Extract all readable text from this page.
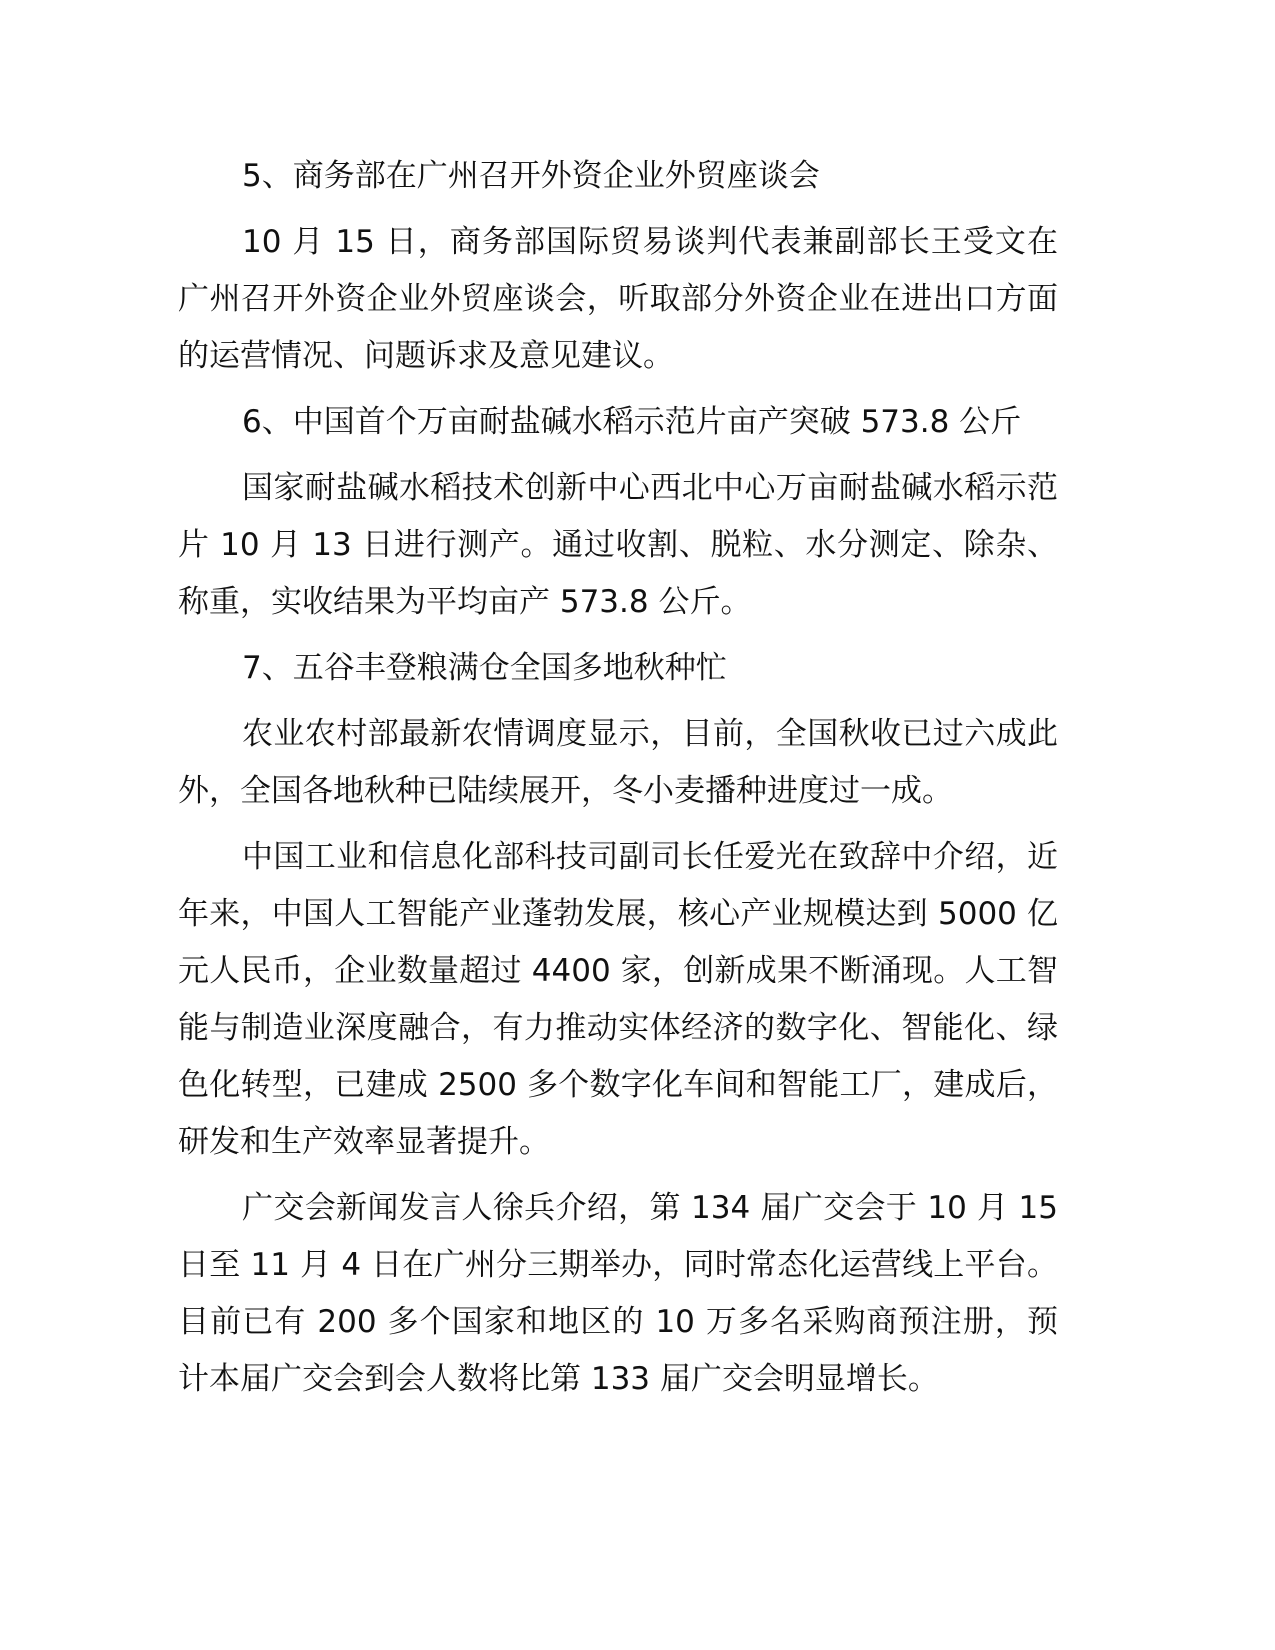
5、商务部在广州召开外资企业外贸座谈会

10 月 15 日，商务部国际贸易谈判代表兼副部长王受文在广州召开外资企业外贸座谈会，听取部分外资企业在进出口方面的运营情况、问题诉求及意见建议。

6、中国首个万亩耐盐碱水稻示范片亩产突破 573.8 公斤

国家耐盐碱水稻技术创新中心西北中心万亩耐盐碱水稻示范片 10 月 13 日进行测产。通过收割、脱粒、水分测定、除杂、称重，实收结果为平均亩产 573.8 公斤。

7、五谷丰登粮满仓全国多地秋种忙

农业农村部最新农情调度显示，目前，全国秋收已过六成此外，全国各地秋种已陆续展开，冬小麦播种进度过一成。

中国工业和信息化部科技司副司长任爱光在致辞中介绍，近年来，中国人工智能产业蓬勃发展，核心产业规模达到 5000 亿元人民币，企业数量超过 4400 家，创新成果不断涌现。人工智能与制造业深度融合，有力推动实体经济的数字化、智能化、绿色化转型，已建成 2500 多个数字化车间和智能工厂，建成后，研发和生产效率显著提升。

广交会新闻发言人徐兵介绍，第 134 届广交会于 10 月 15 日至 11 月 4 日在广州分三期举办，同时常态化运营线上平台。目前已有 200 多个国家和地区的 10 万多名采购商预注册，预计本届广交会到会人数将比第 133 届广交会明显增长。
